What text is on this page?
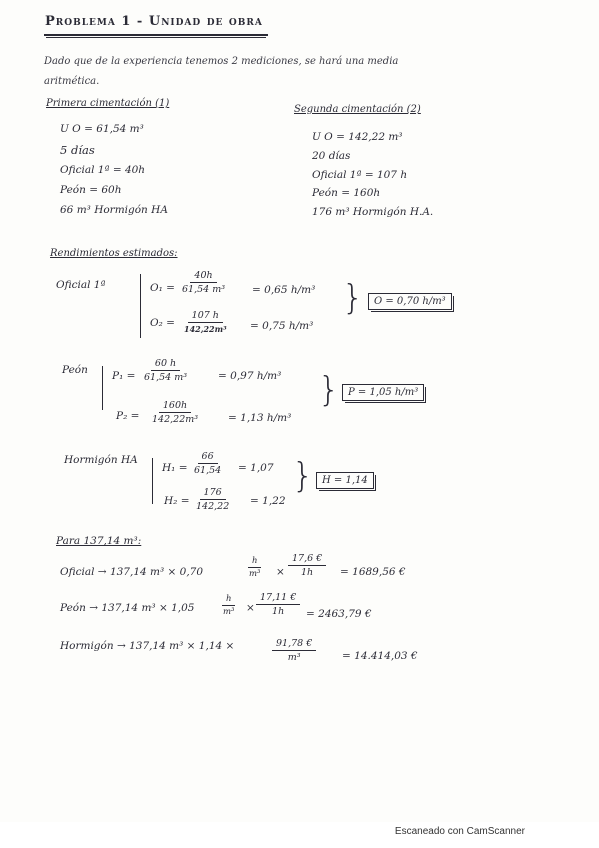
Problema 1 - Unidad de obra
Dado que de la experiencia tenemos 2 mediciones, se hará una media
aritmética.
Primera cimentación (1)
U O = 61,54 m³
5 días
Oficial 1ª = 40h
Peón = 60h
66 m³ Hormigón HA
Segunda cimentación (2)
U O = 142,22 m³
20 días
Oficial 1ª = 107 h
Peón = 160h
176 m³ Hormigón H.A.
Rendimientos estimados:
Oficial 1ª	$O_1 = \frac{40h}{\text{61,54 m³}}$	= 0,65 h/m³
O₂ =
107 h
142,22m³ = 0,75 h/m³
}	O = 0,70 h/m³
Peón $P_1 = \frac{60 h}{\text{61,54 m³}}$	= 0,97 h/m³
$P_2 = \frac{160h}{\text{142,22m³}}$	= 1,13 h/m³
} P = 1,05 h/m³
Hormigón HA
$H_1 = \frac{66}{61,54} = 1,07$
$H_2 = \frac{176}{142,22} = 1,22$
} H = 1,14
Para 137,14 m³:
Oficial → 137,14 m³ × 0,70	$\frac{h}{\text{m³}} \times \frac{17,6 €}{1h} = 1689,56$ €
Peón → 137,14 m³ × 1,05	$\frac{h}{\text{m³}} \times \frac{17,11 €}{1h} = 2463,79$ €
Hormigón → 137,14 m³ × 1,14 ×	$\frac{91,78 €}{\text{m³}} = 14.414,03$ €
Escaneado con CamScanner
